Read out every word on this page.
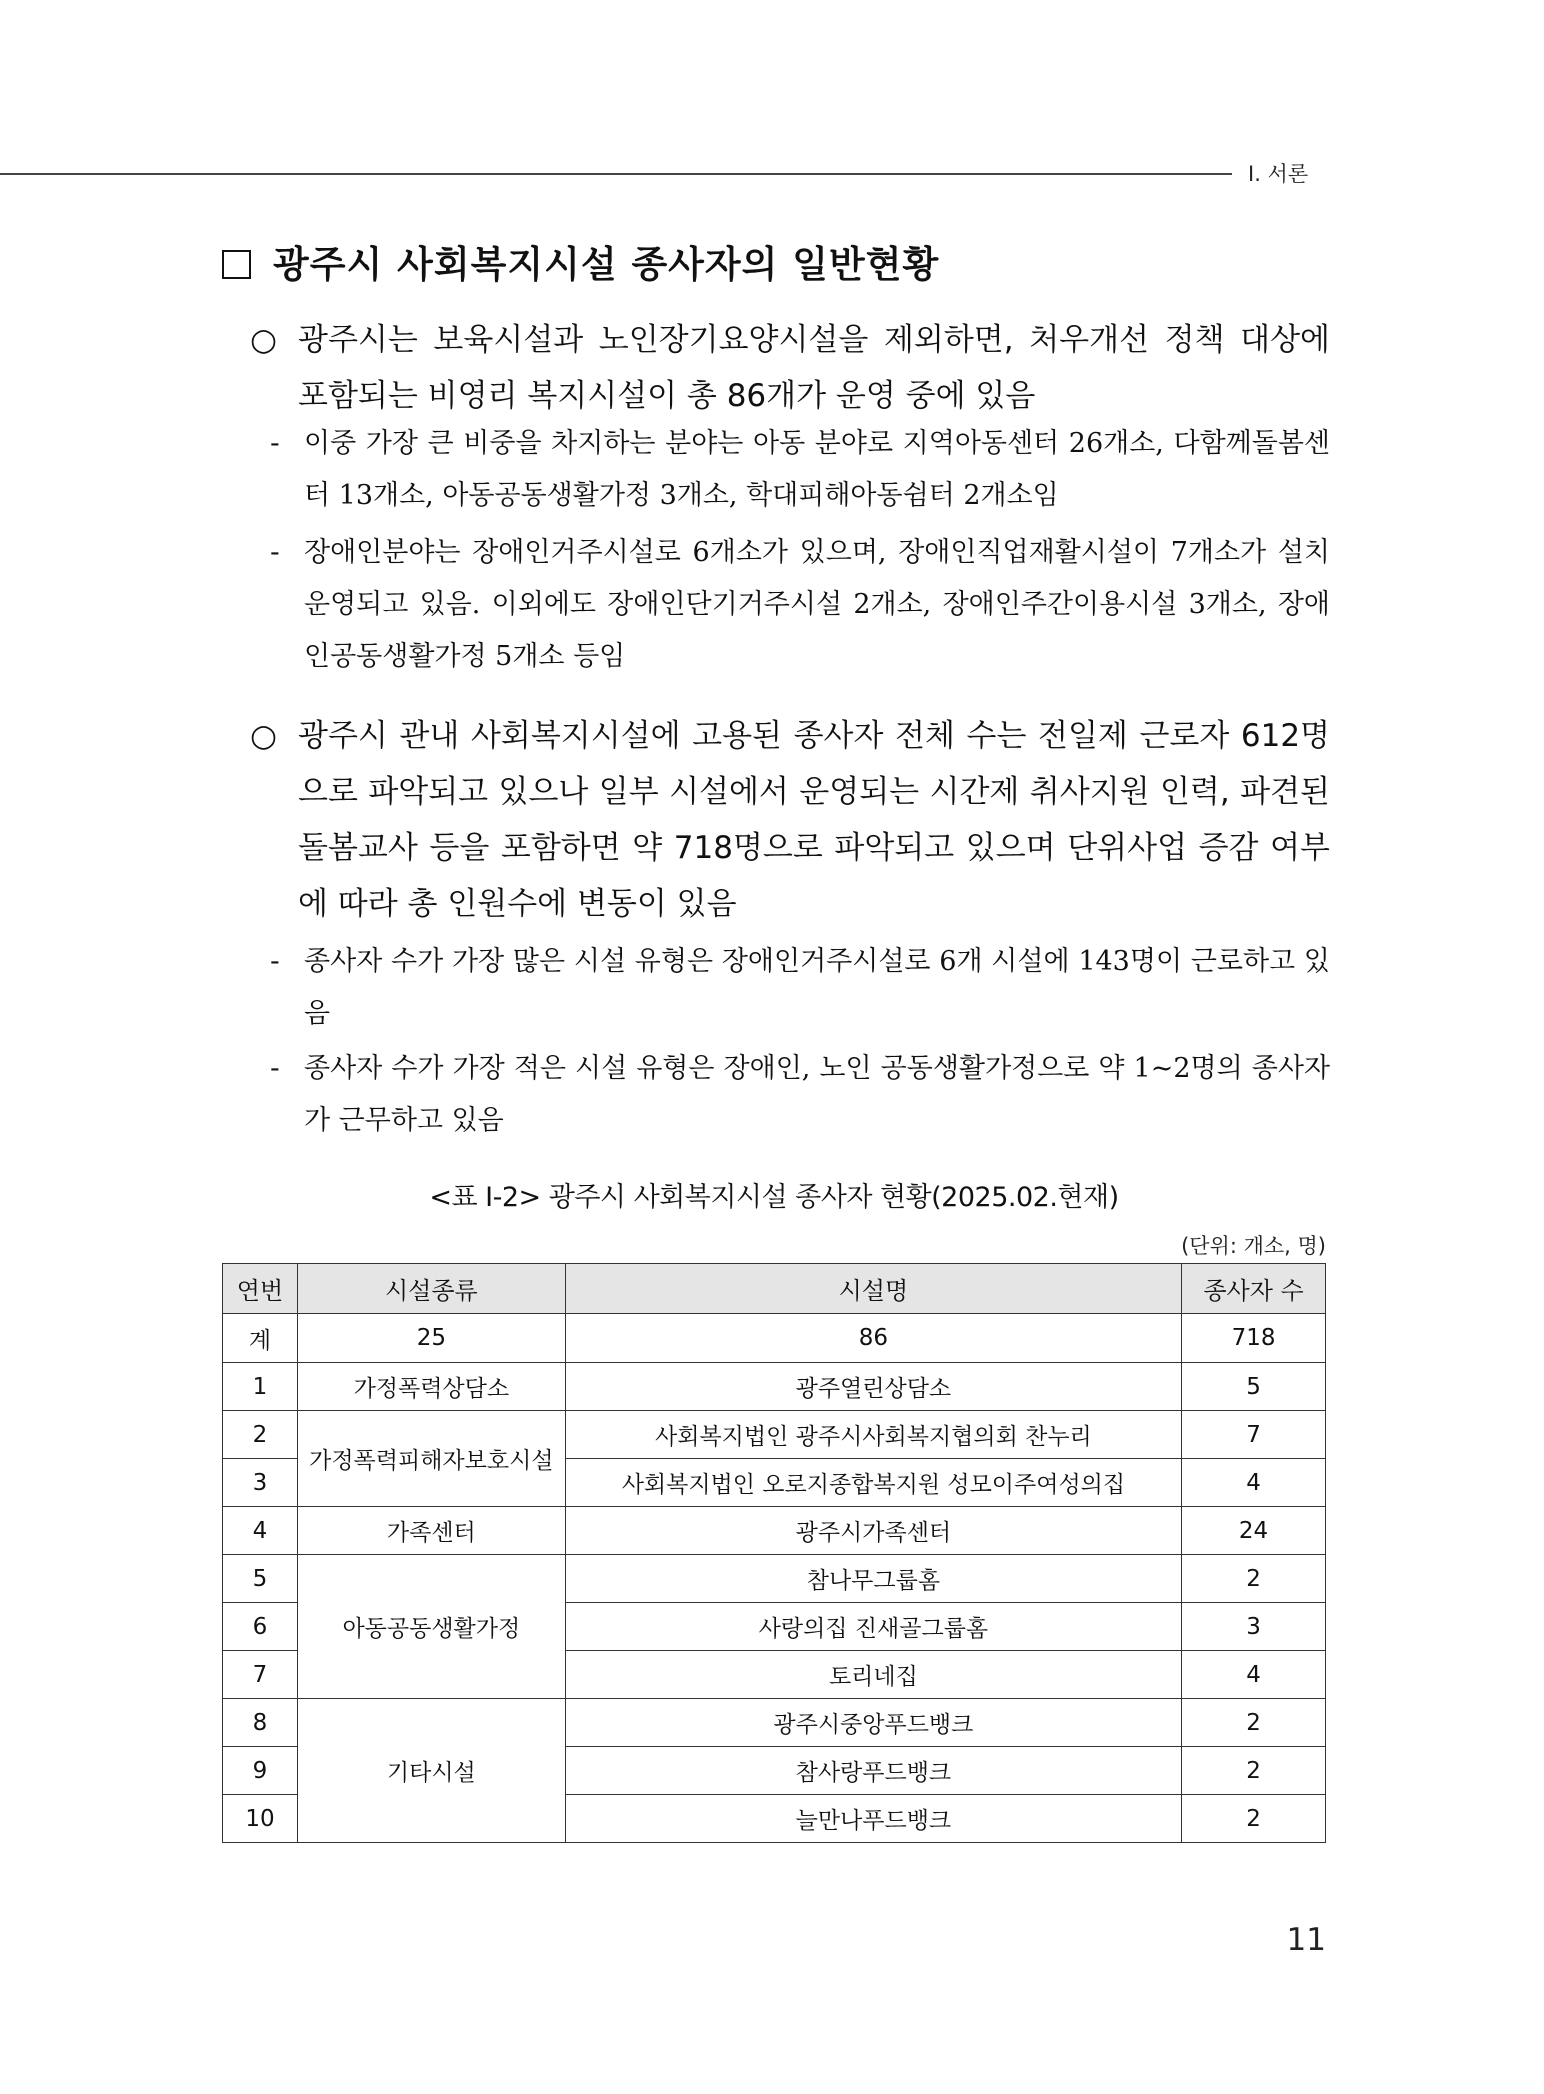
Ⅰ. 서론
광주시 사회복지시설 종사자의 일반현황
○ 광주시는 보육시설과 노인장기요양시설을 제외하면, 처우개선 정책 대상에 포함되는 비영리 복지시설이 총 86개가 운영 중에 있음
- 이중 가장 큰 비중을 차지하는 분야는 아동 분야로 지역아동센터 26개소, 다함께돌봄센터 13개소, 아동공동생활가정 3개소, 학대피해아동쉼터 2개소임
- 장애인분야는 장애인거주시설로 6개소가 있으며, 장애인직업재활시설이 7개소가 설치 운영되고 있음. 이외에도 장애인단기거주시설 2개소, 장애인주간이용시설 3개소, 장애인공동생활가정 5개소 등임
○ 광주시 관내 사회복지시설에 고용된 종사자 전체 수는 전일제 근로자 612명으로 파악되고 있으나 일부 시설에서 운영되는 시간제 취사지원 인력, 파견된 돌봄교사 등을 포함하면 약 718명으로 파악되고 있으며 단위사업 증감 여부에 따라 총 인원수에 변동이 있음
- 종사자 수가 가장 많은 시설 유형은 장애인거주시설로 6개 시설에 143명이 근로하고 있음
- 종사자 수가 가장 적은 시설 유형은 장애인, 노인 공동생활가정으로 약 1~2명의 종사자가 근무하고 있음
<표 Ⅰ-2> 광주시 사회복지시설 종사자 현황(2025.02.현재)
(단위: 개소, 명)
연번	시설종류	시설명	종사자 수
계	25	86	718
1	가정폭력상담소	광주열린상담소	5
2	가정폭력피해자보호시설	사회복지법인 광주시사회복지협의회 찬누리	7
3		사회복지법인 오로지종합복지원 성모이주여성의집	4
4	가족센터	광주시가족센터	24
5	아동공동생활가정	참나무그룹홈	2
6		사랑의집 진새골그룹홈	3
7		토리네집	4
8	기타시설	광주시중앙푸드뱅크	2
9		참사랑푸드뱅크	2
10		늘만나푸드뱅크	2
11
